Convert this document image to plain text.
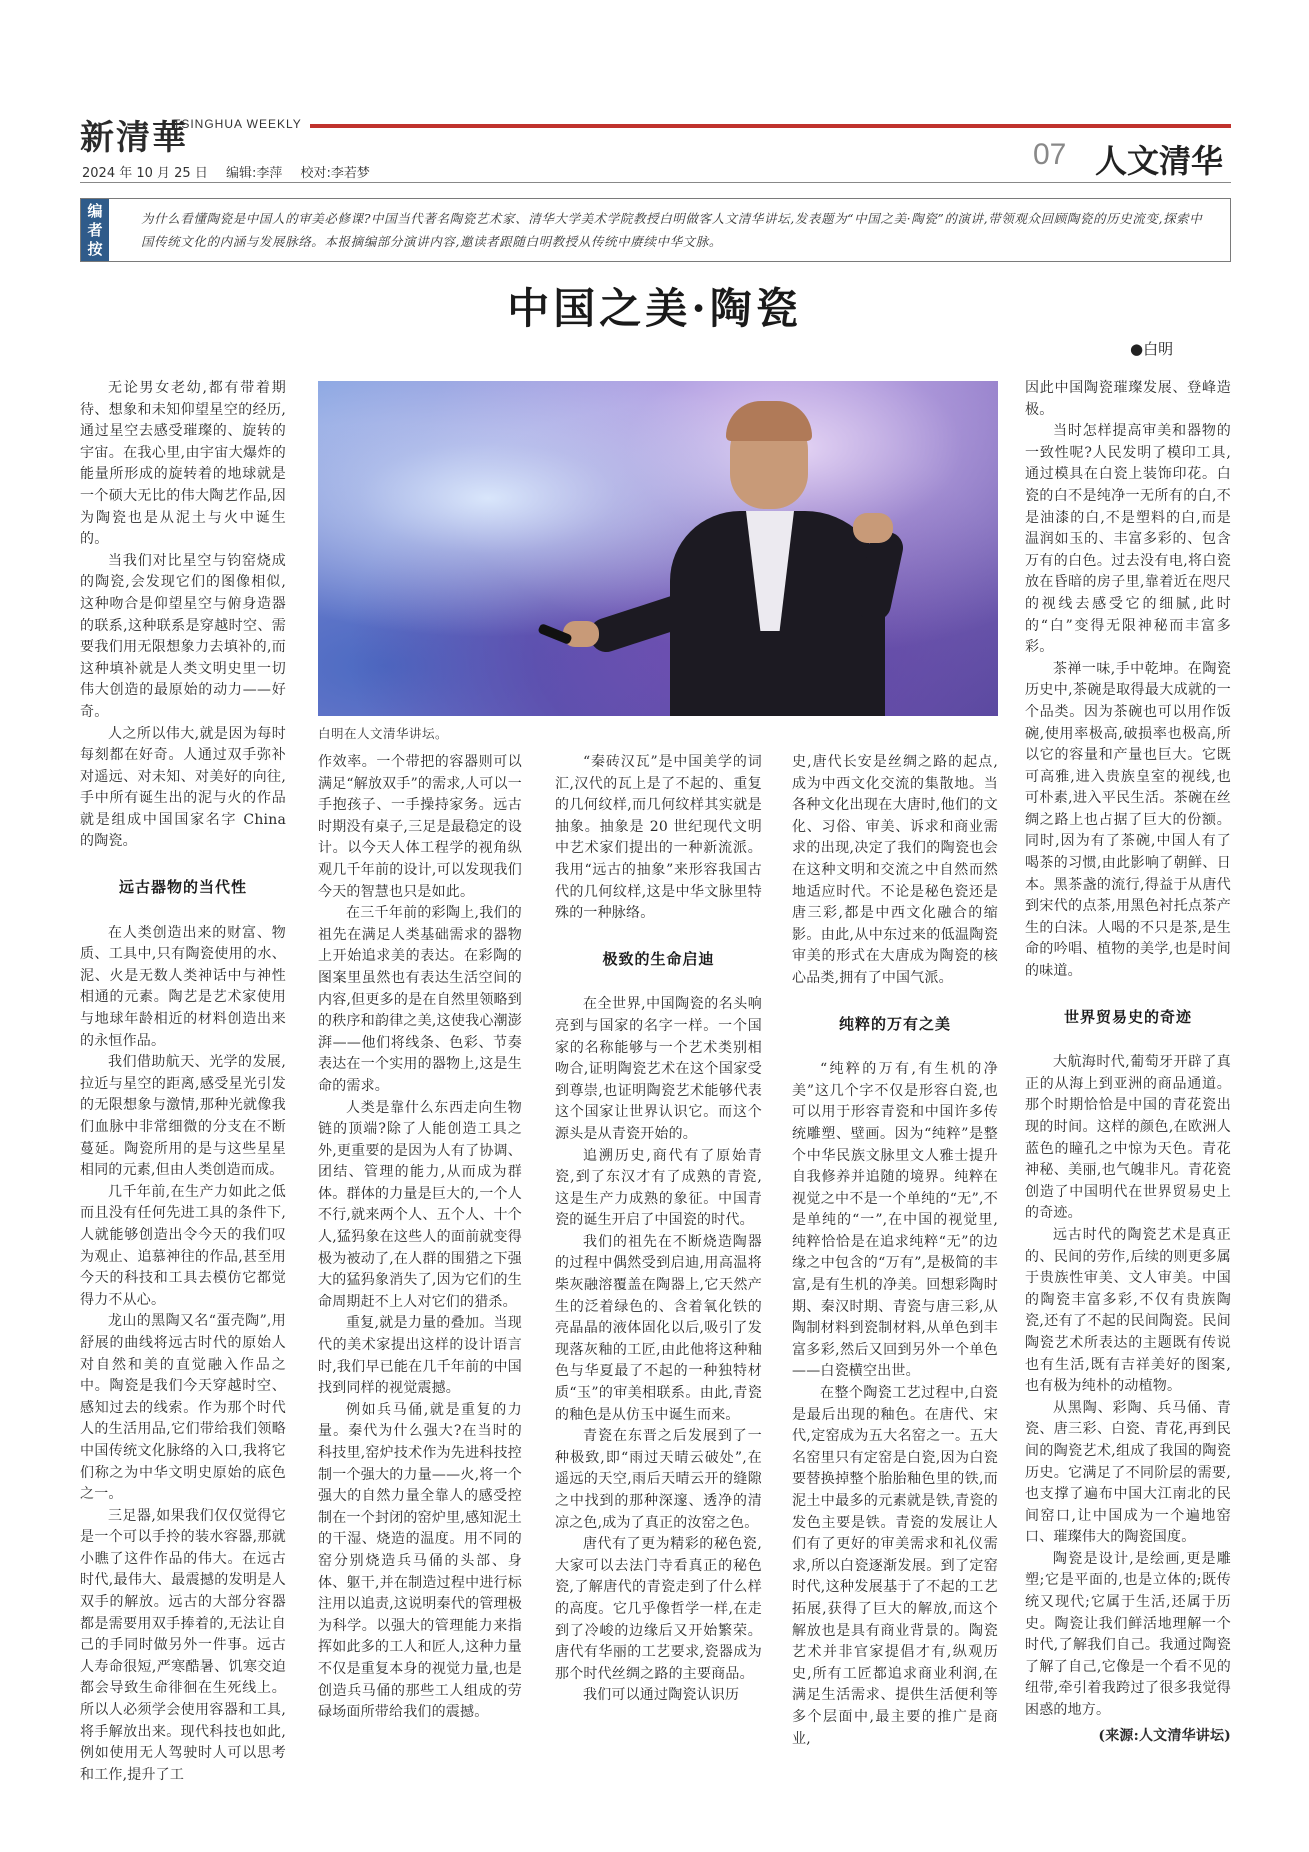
新清華
TSINGHUA WEEKLY
2024 年 10 月 25 日 编辑:李萍 校对:李若梦
07 人文清华
编者按
为什么看懂陶瓷是中国人的审美必修课?中国当代著名陶瓷艺术家、清华大学美术学院教授白明做客人文清华讲坛,发表题为“中国之美·陶瓷”的演讲,带领观众回顾陶瓷的历史流变,探索中国传统文化的内涵与发展脉络。本报摘编部分演讲内容,邀读者跟随白明教授从传统中赓续中华文脉。
中国之美·陶瓷
●白明
白明在人文清华讲坛。

无论男女老幼,都有带着期待、想象和未知仰望星空的经历,通过星空去感受璀璨的、旋转的宇宙。在我心里,由宇宙大爆炸的能量所形成的旋转着的地球就是一个硕大无比的伟大陶艺作品,因为陶瓷也是从泥土与火中诞生的。

当我们对比星空与钧窑烧成的陶瓷,会发现它们的图像相似,这种吻合是仰望星空与俯身造器的联系,这种联系是穿越时空、需要我们用无限想象力去填补的,而这种填补就是人类文明史里一切伟大创造的最原始的动力——好奇。

人之所以伟大,就是因为每时每刻都在好奇。人通过双手弥补对遥远、对未知、对美好的向往,手中所有诞生出的泥与火的作品就是组成中国国家名字 China 的陶瓷。

远古器物的当代性

在人类创造出来的财富、物质、工具中,只有陶瓷使用的水、泥、火是无数人类神话中与神性相通的元素。陶艺是艺术家使用与地球年龄相近的材料创造出来的永恒作品。

我们借助航天、光学的发展,拉近与星空的距离,感受星光引发的无限想象与激情,那种光就像我们血脉中非常细微的分支在不断蔓延。陶瓷所用的是与这些星星相同的元素,但由人类创造而成。

几千年前,在生产力如此之低而且没有任何先进工具的条件下,人就能够创造出令今天的我们叹为观止、追慕神往的作品,甚至用今天的科技和工具去模仿它都觉得力不从心。

龙山的黑陶又名“蛋壳陶”,用舒展的曲线将远古时代的原始人对自然和美的直觉融入作品之中。陶瓷是我们今天穿越时空、感知过去的线索。作为那个时代人的生活用品,它们带给我们领略中国传统文化脉络的入口,我将它们称之为中华文明史原始的底色之一。

三足器,如果我们仅仅觉得它是一个可以手拎的装水容器,那就小瞧了这件作品的伟大。在远古时代,最伟大、最震撼的发明是人双手的解放。远古的大部分容器都是需要用双手捧着的,无法让自己的手同时做另外一件事。远古人寿命很短,严寒酷暑、饥寒交迫都会导致生命徘徊在生死线上。所以人必须学会使用容器和工具,将手解放出来。现代科技也如此,例如使用无人驾驶时人可以思考和工作,提升了工

作效率。一个带把的容器则可以满足“解放双手”的需求,人可以一手抱孩子、一手操持家务。远古时期没有桌子,三足是最稳定的设计。以今天人体工程学的视角纵观几千年前的设计,可以发现我们今天的智慧也只是如此。

在三千年前的彩陶上,我们的祖先在满足人类基础需求的器物上开始追求美的表达。在彩陶的图案里虽然也有表达生活空间的内容,但更多的是在自然里领略到的秩序和韵律之美,这使我心潮澎湃——他们将线条、色彩、节奏表达在一个实用的器物上,这是生命的需求。

人类是靠什么东西走向生物链的顶端?除了人能创造工具之外,更重要的是因为人有了协调、团结、管理的能力,从而成为群体。群体的力量是巨大的,一个人不行,就来两个人、五个人、十个人,猛犸象在这些人的面前就变得极为被动了,在人群的围猎之下强大的猛犸象消失了,因为它们的生命周期赶不上人对它们的猎杀。

重复,就是力量的叠加。当现代的美术家提出这样的设计语言时,我们早已能在几千年前的中国找到同样的视觉震撼。

例如兵马俑,就是重复的力量。秦代为什么强大?在当时的科技里,窑炉技术作为先进科技控制一个强大的力量——火,将一个强大的自然力量全靠人的感受控制在一个封闭的窑炉里,感知泥土的干湿、烧造的温度。用不同的窑分别烧造兵马俑的头部、身体、躯干,并在制造过程中进行标注用以追责,这说明秦代的管理极为科学。以强大的管理能力来指挥如此多的工人和匠人,这种力量不仅是重复本身的视觉力量,也是创造兵马俑的那些工人组成的劳碌场面所带给我们的震撼。

“秦砖汉瓦”是中国美学的词汇,汉代的瓦上是了不起的、重复的几何纹样,而几何纹样其实就是抽象。抽象是 20 世纪现代文明中艺术家们提出的一种新流派。我用“远古的抽象”来形容我国古代的几何纹样,这是中华文脉里特殊的一种脉络。

极致的生命启迪

在全世界,中国陶瓷的名头响亮到与国家的名字一样。一个国家的名称能够与一个艺术类别相吻合,证明陶瓷艺术在这个国家受到尊崇,也证明陶瓷艺术能够代表这个国家让世界认识它。而这个源头是从青瓷开始的。

追溯历史,商代有了原始青瓷,到了东汉才有了成熟的青瓷,这是生产力成熟的象征。中国青瓷的诞生开启了中国瓷的时代。

我们的祖先在不断烧造陶器的过程中偶然受到启迪,用高温将柴灰融溶覆盖在陶器上,它天然产生的泛着绿色的、含着氧化铁的亮晶晶的液体固化以后,吸引了发现落灰釉的工匠,由此他将这种釉色与华夏最了不起的一种独特材质“玉”的审美相联系。由此,青瓷的釉色是从仿玉中诞生而来。

青瓷在东晋之后发展到了一种极致,即“雨过天晴云破处”,在遥远的天空,雨后天晴云开的缝隙之中找到的那种深邃、透净的清凉之色,成为了真正的汝窑之色。

唐代有了更为精彩的秘色瓷,大家可以去法门寺看真正的秘色瓷,了解唐代的青瓷走到了什么样的高度。它几乎像哲学一样,在走到了冷峻的边缘后又开始繁荣。唐代有华丽的工艺要求,瓷器成为那个时代丝绸之路的主要商品。

我们可以通过陶瓷认识历

史,唐代长安是丝绸之路的起点,成为中西文化交流的集散地。当各种文化出现在大唐时,他们的文化、习俗、审美、诉求和商业需求的出现,决定了我们的陶瓷也会在这种文明和交流之中自然而然地适应时代。不论是秘色瓷还是唐三彩,都是中西文化融合的缩影。由此,从中东过来的低温陶瓷审美的形式在大唐成为陶瓷的核心品类,拥有了中国气派。

纯粹的万有之美

“纯粹的万有,有生机的净美”这几个字不仅是形容白瓷,也可以用于形容青瓷和中国许多传统雕塑、壁画。因为“纯粹”是整个中华民族文脉里文人雅士提升自我修养并追随的境界。纯粹在视觉之中不是一个单纯的“无”,不是单纯的“一”,在中国的视觉里,纯粹恰恰是在追求纯粹“无”的边缘之中包含的“万有”,是极简的丰富,是有生机的净美。回想彩陶时期、秦汉时期、青瓷与唐三彩,从陶制材料到瓷制材料,从单色到丰富多彩,然后又回到另外一个单色——白瓷横空出世。

在整个陶瓷工艺过程中,白瓷是最后出现的釉色。在唐代、宋代,定窑成为五大名窑之一。五大名窑里只有定窑是白瓷,因为白瓷要替换掉整个胎胎釉色里的铁,而泥土中最多的元素就是铁,青瓷的发色主要是铁。青瓷的发展让人们有了更好的审美需求和礼仪需求,所以白瓷逐渐发展。到了定窑时代,这种发展基于了不起的工艺拓展,获得了巨大的解放,而这个解放也是具有商业背景的。陶瓷艺术并非官家提倡才有,纵观历史,所有工匠都追求商业利润,在满足生活需求、提供生活便利等多个层面中,最主要的推广是商业,

因此中国陶瓷璀璨发展、登峰造极。

当时怎样提高审美和器物的一致性呢?人民发明了模印工具,通过模具在白瓷上装饰印花。白瓷的白不是纯净一无所有的白,不是油漆的白,不是塑料的白,而是温润如玉的、丰富多彩的、包含万有的白色。过去没有电,将白瓷放在昏暗的房子里,靠着近在咫尺的视线去感受它的细腻,此时的“白”变得无限神秘而丰富多彩。

茶禅一味,手中乾坤。在陶瓷历史中,茶碗是取得最大成就的一个品类。因为茶碗也可以用作饭碗,使用率极高,破损率也极高,所以它的容量和产量也巨大。它既可高雅,进入贵族皇室的视线,也可朴素,进入平民生活。茶碗在丝绸之路上也占据了巨大的份额。同时,因为有了茶碗,中国人有了喝茶的习惯,由此影响了朝鲜、日本。黑茶盏的流行,得益于从唐代到宋代的点茶,用黑色衬托点茶产生的白沫。人喝的不只是茶,是生命的吟唱、植物的美学,也是时间的味道。

世界贸易史的奇迹

大航海时代,葡萄牙开辟了真正的从海上到亚洲的商品通道。那个时期恰恰是中国的青花瓷出现的时间。这样的颜色,在欧洲人蓝色的瞳孔之中惊为天色。青花神秘、美丽,也气魄非凡。青花瓷创造了中国明代在世界贸易史上的奇迹。

远古时代的陶瓷艺术是真正的、民间的劳作,后续的则更多属于贵族性审美、文人审美。中国的陶瓷丰富多彩,不仅有贵族陶瓷,还有了不起的民间陶瓷。民间陶瓷艺术所表达的主题既有传说也有生活,既有吉祥美好的图案,也有极为纯朴的动植物。

从黑陶、彩陶、兵马俑、青瓷、唐三彩、白瓷、青花,再到民间的陶瓷艺术,组成了我国的陶瓷历史。它满足了不同阶层的需要,也支撑了遍布中国大江南北的民间窑口,让中国成为一个遍地窑口、璀璨伟大的陶瓷国度。

陶瓷是设计,是绘画,更是雕塑;它是平面的,也是立体的;既传统又现代;它属于生活,还属于历史。陶瓷让我们鲜活地理解一个时代,了解我们自己。我通过陶瓷了解了自己,它像是一个看不见的纽带,牵引着我跨过了很多我觉得困惑的地方。

(来源:人文清华讲坛)
